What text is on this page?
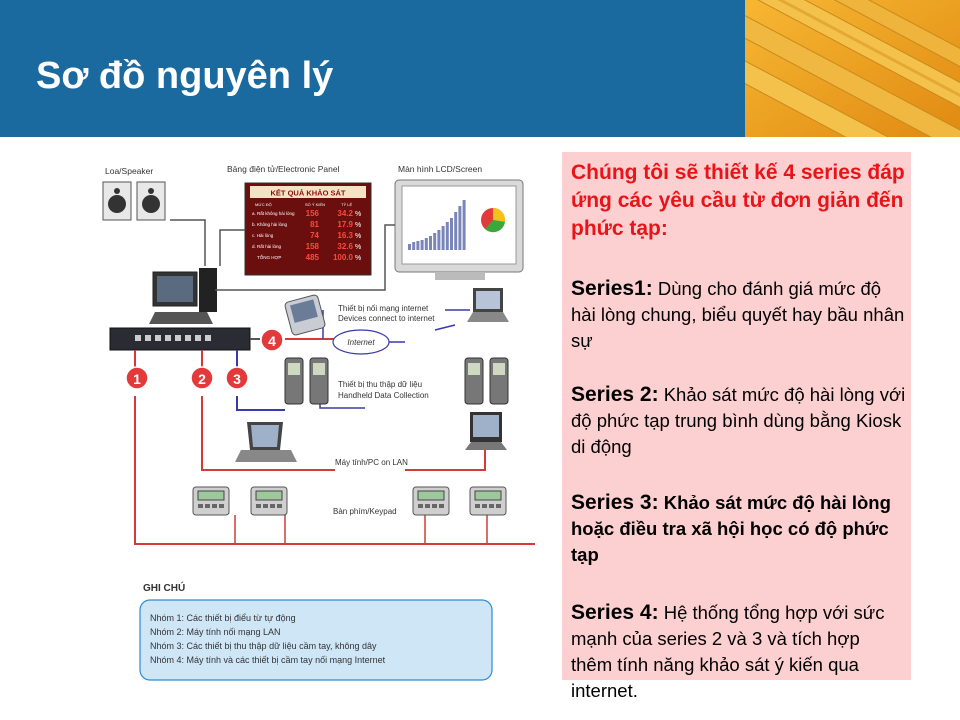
Sơ đồ nguyên lý
Loa/Speaker	Bảng điện tử/Electronic Panel	Màn hình LCD/Screen
KẾT QUẢ KHẢO SÁT
MỨC ĐỘ	SỐ Ý KIẾN	TỶ LỆ
a. Rất không hài lòng 156 34.2 %
b. Không hài lòng	81 17.9 %
c. Hài lòng	74 16.3 %
d. Rất hài lòng	158 32.6 %
TỔNG HỢP	485 100.0 %
1	2 3
4
Thiết bị nối mạng internet
Devices connect to internet
Internet
Thiết bị thu thập dữ liệu
Handheld Data Collection
Máy tính/PC on LAN
Bàn phím/Keypad
GHI CHÚ
Nhóm 1: Các thiết bị điểu từ tự động
Nhóm 2: Máy tính nối mạng LAN
Nhóm 3: Các thiết bị thu thập dữ liệu cầm tay, không dây
Nhóm 4: Máy tính và các thiết bị cầm tay nối mạng Internet

Chúng tôi sẽ thiết kế 4 series đáp ứng các yêu cầu từ đơn giản đến phức tạp:

Series1: Dùng cho đánh giá mức độ hài lòng chung, biểu quyết hay bầu nhân sự

Series 2: Khảo sát mức độ hài lòng với độ phức tạp trung bình dùng bằng Kiosk di động

Series 3: Khảo sát mức độ hài lòng hoặc điều tra xã hội học có độ phức tạp

Series 4: Hệ thống tổng hợp với sức mạnh của series 2 và 3 và tích hợp thêm tính năng khảo sát ý kiến qua internet.
